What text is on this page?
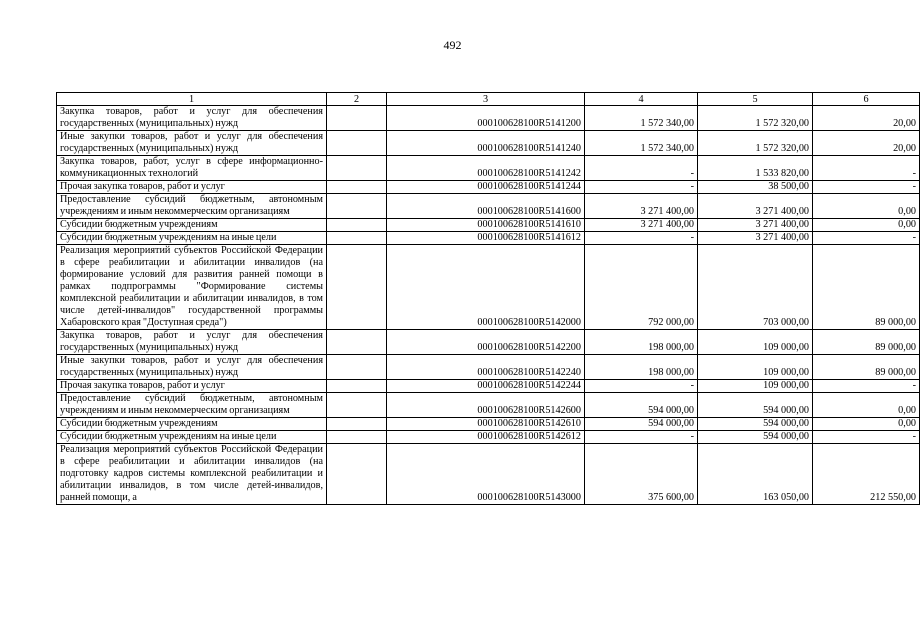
492
1	2	3	4	5	6
Закупка товаров, работ и услуг для обеспечения государственных (муниципальных) нужд		000100628100R5141200	1 572 340,00	1 572 320,00	20,00
Иные закупки товаров, работ и услуг для обеспечения государственных (муниципальных) нужд		000100628100R5141240	1 572 340,00	1 572 320,00	20,00
Закупка товаров, работ, услуг в сфере информационно-коммуникационных технологий		000100628100R5141242	-	1 533 820,00	-
Прочая закупка товаров, работ и услуг		000100628100R5141244	-	38 500,00	-
Предоставление субсидий бюджетным, автономным учреждениям и иным некоммерческим организациям		000100628100R5141600	3 271 400,00	3 271 400,00	0,00
Субсидии бюджетным учреждениям		000100628100R5141610	3 271 400,00	3 271 400,00	0,00
Субсидии бюджетным учреждениям на иные цели		000100628100R5141612	-	3 271 400,00	-
Реализация мероприятий субъектов Российской Федерации в сфере реабилитации и абилитации инвалидов (на формирование условий для развития ранней помощи в рамках подпрограммы "Формирование системы комплексной реабилитации и абилитации инвалидов, в том числе детей-инвалидов" государственной программы Хабаровского края "Доступная среда")		000100628100R5142000	792 000,00	703 000,00	89 000,00
Закупка товаров, работ и услуг для обеспечения государственных (муниципальных) нужд		000100628100R5142200	198 000,00	109 000,00	89 000,00
Иные закупки товаров, работ и услуг для обеспечения государственных (муниципальных) нужд		000100628100R5142240	198 000,00	109 000,00	89 000,00
Прочая закупка товаров, работ и услуг		000100628100R5142244	-	109 000,00	-
Предоставление субсидий бюджетным, автономным учреждениям и иным некоммерческим организациям		000100628100R5142600	594 000,00	594 000,00	0,00
Субсидии бюджетным учреждениям		000100628100R5142610	594 000,00	594 000,00	0,00
Субсидии бюджетным учреждениям на иные цели		000100628100R5142612	-	594 000,00	-
Реализация мероприятий субъектов Российской Федерации в сфере реабилитации и абилитации инвалидов (на подготовку кадров системы комплексной реабилитации и абилитации инвалидов, в том числе детей-инвалидов, ранней помощи, а		000100628100R5143000	375 600,00	163 050,00	212 550,00
